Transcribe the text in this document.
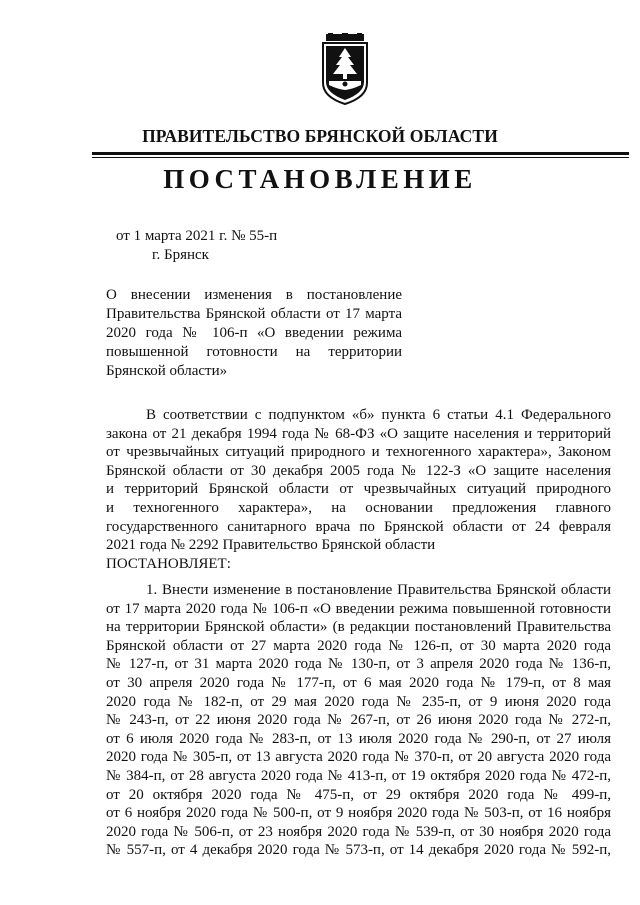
ПРАВИТЕЛЬСТВО БРЯНСКОЙ ОБЛАСТИ
ПОСТАНОВЛЕНИЕ
от 1 марта 2021 г. № 55-п
г. Брянск
О внесении изменения в постановление
Правительства Брянской области от 17 марта
2020 года № 106-п «О введении режима
повышенной готовности на территории
Брянской области»
В соответствии с подпунктом «б» пункта 6 статьи 4.1 Федерального
закона от 21 декабря 1994 года № 68-ФЗ «О защите населения и территорий
от чрезвычайных ситуаций природного и техногенного характера», Законом
Брянской области от 30 декабря 2005 года № 122-З «О защите населения
и территорий Брянской области от чрезвычайных ситуаций природного
и техногенного характера», на основании предложения главного
государственного санитарного врача по Брянской области от 24 февраля
2021 года № 2292 Правительство Брянской области
ПОСТАНОВЛЯЕТ:
1. Внести изменение в постановление Правительства Брянской области
от 17 марта 2020 года № 106-п «О введении режима повышенной готовности
на территории Брянской области» (в редакции постановлений Правительства
Брянской области от 27 марта 2020 года № 126-п, от 30 марта 2020 года
№ 127-п, от 31 марта 2020 года № 130-п, от 3 апреля 2020 года № 136-п,
от 30 апреля 2020 года № 177-п, от 6 мая 2020 года № 179-п, от 8 мая
2020 года № 182-п, от 29 мая 2020 года № 235-п, от 9 июня 2020 года
№ 243-п, от 22 июня 2020 года № 267-п, от 26 июня 2020 года № 272-п,
от 6 июля 2020 года № 283-п, от 13 июля 2020 года № 290-п, от 27 июля
2020 года № 305-п, от 13 августа 2020 года № 370-п, от 20 августа 2020 года
№ 384-п, от 28 августа 2020 года № 413-п, от 19 октября 2020 года № 472-п,
от 20 октября 2020 года № 475-п, от 29 октября 2020 года № 499-п,
от 6 ноября 2020 года № 500-п, от 9 ноября 2020 года № 503-п, от 16 ноября
2020 года № 506-п, от 23 ноября 2020 года № 539-п, от 30 ноября 2020 года
№ 557-п, от 4 декабря 2020 года № 573-п, от 14 декабря 2020 года № 592-п,
